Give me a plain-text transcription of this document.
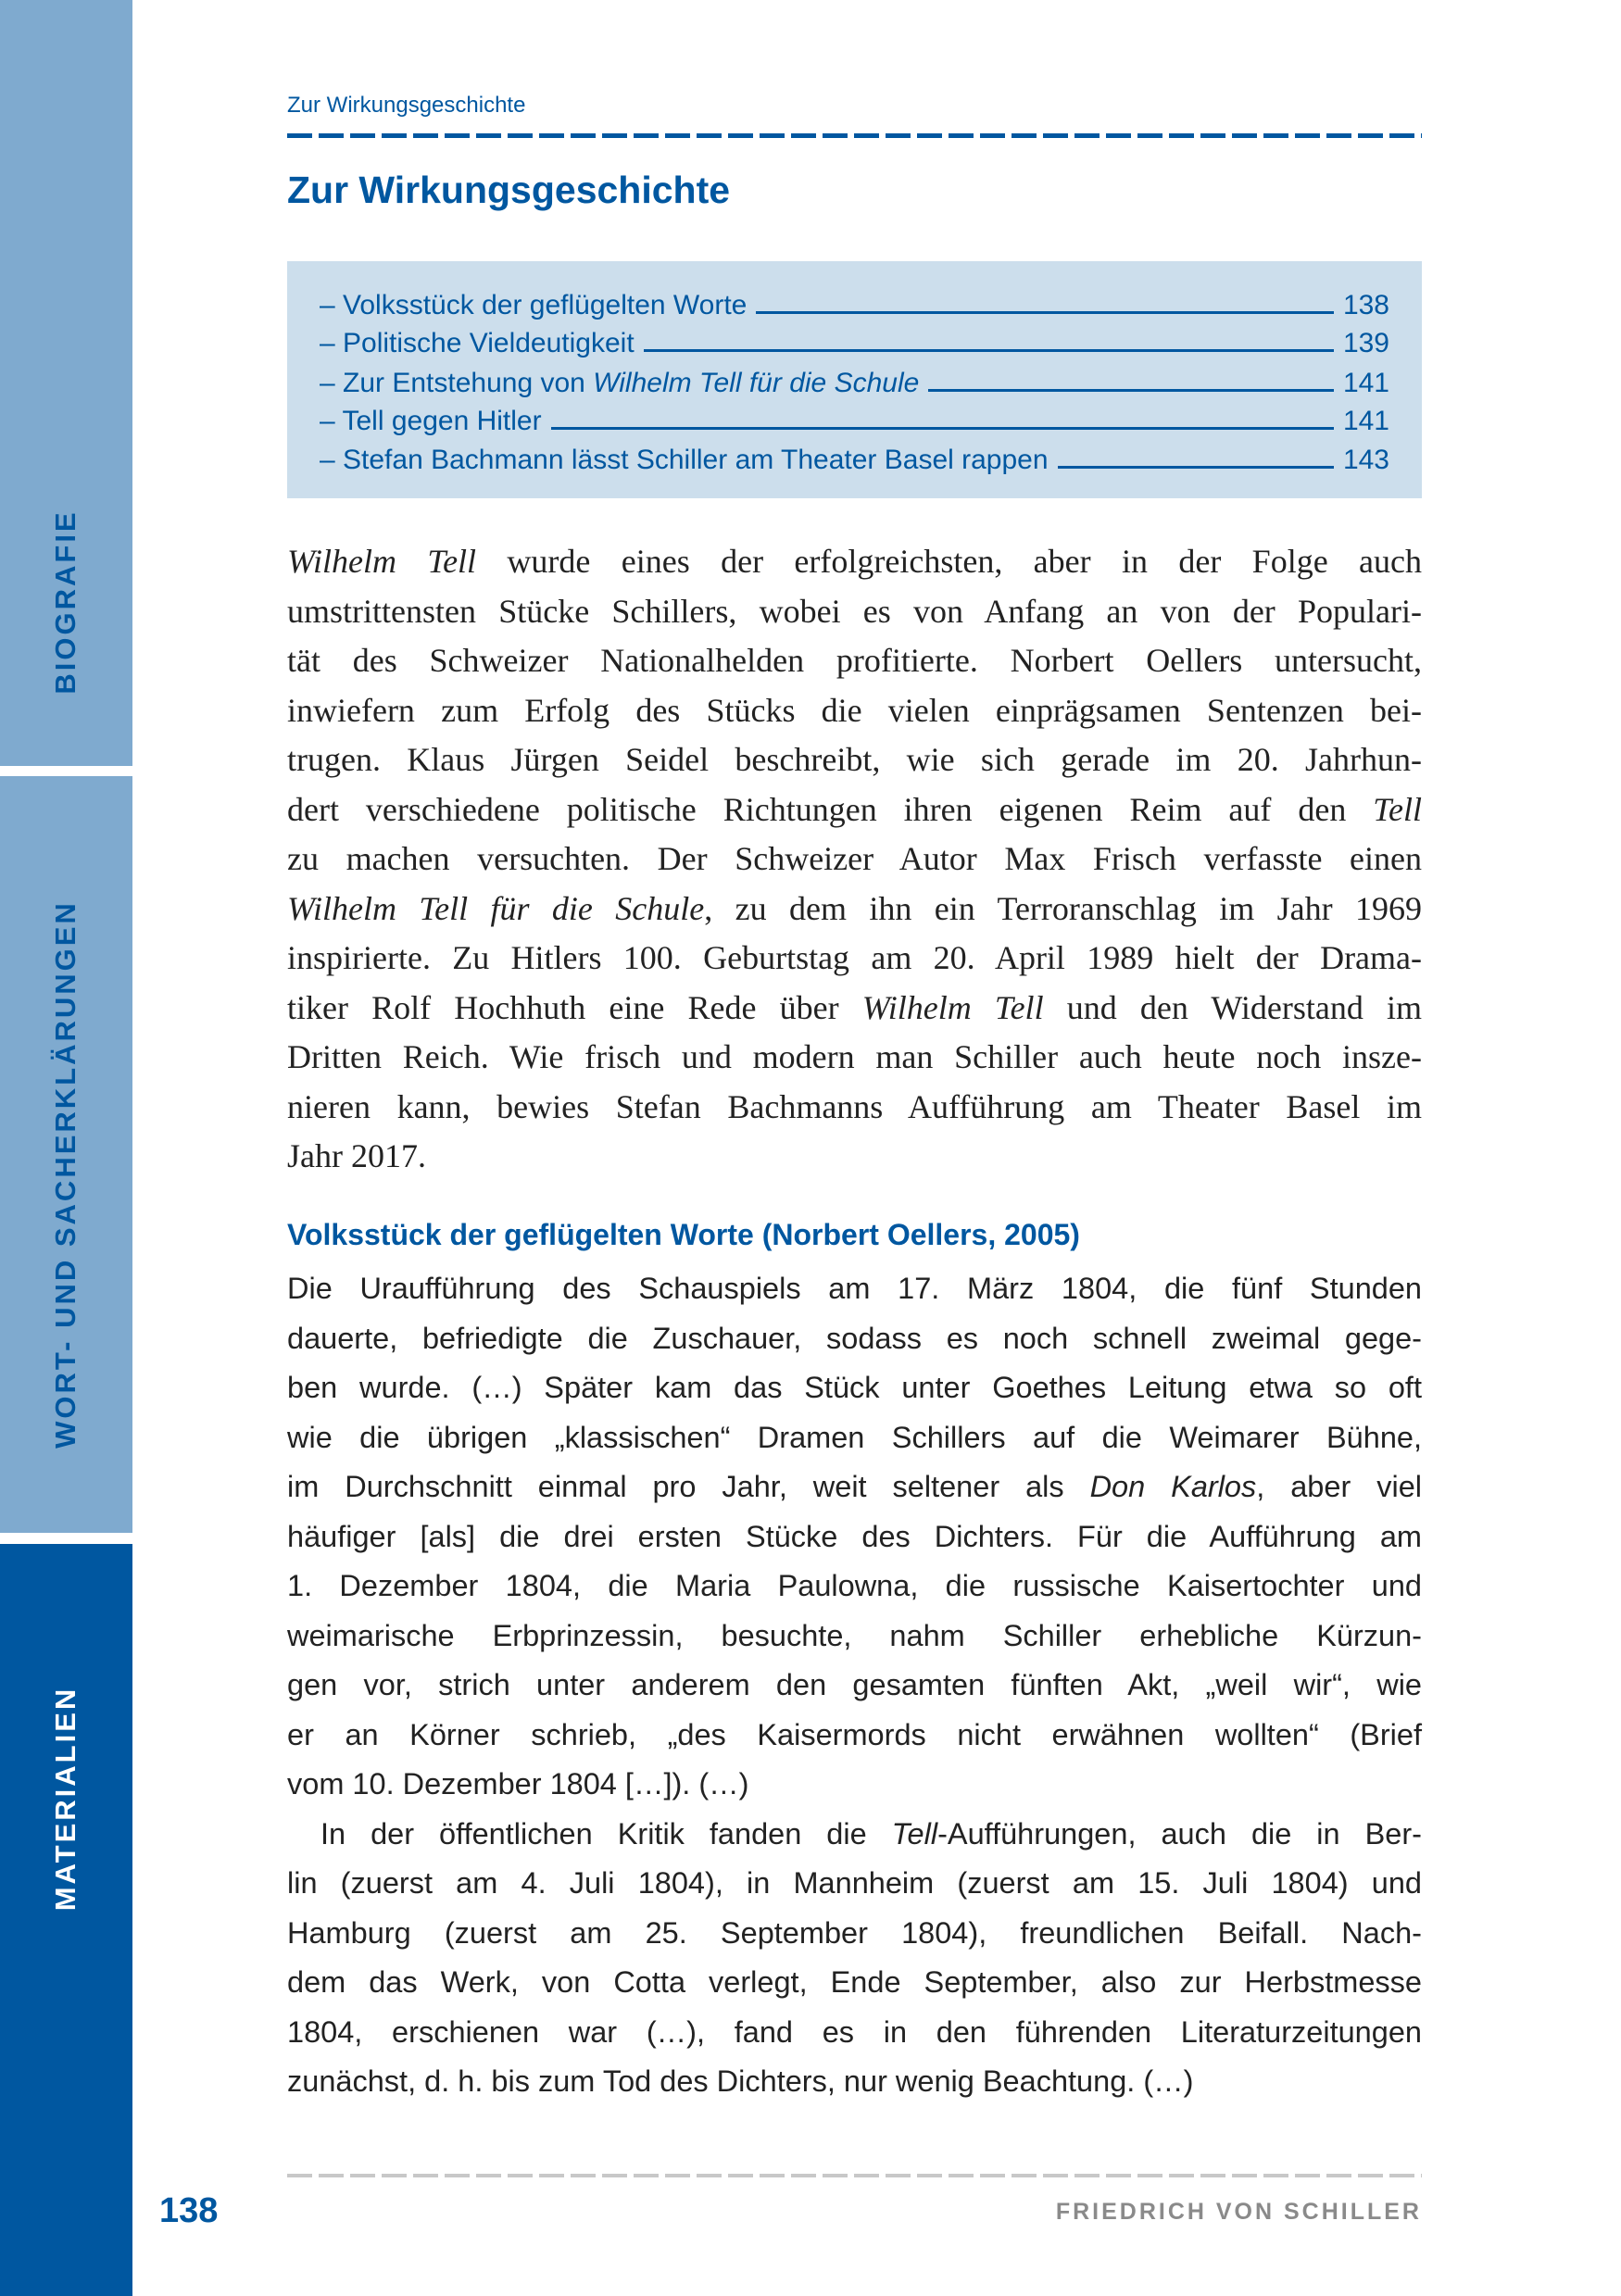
BIOGRAFIE
WORT- UND SACHERKLÄRUNGEN
MATERIALIEN
Zur Wirkungsgeschichte
Zur Wirkungsgeschichte
– Volksstück der geflügelten Worte	138
– Politische Vieldeutigkeit	139
– Zur Entstehung von Wilhelm Tell für die Schule	141
– Tell gegen Hitler	141
– Stefan Bachmann lässt Schiller am Theater Basel rappen	143
Wilhelm Tell wurde eines der erfolgreichsten, aber in der Folge auch
umstrittensten Stücke Schillers, wobei es von Anfang an von der Populari-
tät des Schweizer Nationalhelden profitierte. Norbert Oellers untersucht,
inwiefern zum Erfolg des Stücks die vielen einprägsamen Sentenzen bei-
trugen. Klaus Jürgen Seidel beschreibt, wie sich gerade im 20. Jahrhun-
dert verschiedene politische Richtungen ihren eigenen Reim auf den Tell
zu machen versuchten. Der Schweizer Autor Max Frisch verfasste einen
Wilhelm Tell für die Schule, zu dem ihn ein Terroranschlag im Jahr 1969
inspirierte. Zu Hitlers 100. Geburtstag am 20. April 1989 hielt der Drama-
tiker Rolf Hochhuth eine Rede über Wilhelm Tell und den Widerstand im
Dritten Reich. Wie frisch und modern man Schiller auch heute noch insze-
nieren kann, bewies Stefan Bachmanns Aufführung am Theater Basel im
Jahr 2017.
Volksstück der geflügelten Worte (Norbert Oellers, 2005)
Die Uraufführung des Schauspiels am 17. März 1804, die fünf Stunden
dauerte, befriedigte die Zuschauer, sodass es noch schnell zweimal gege-
ben wurde. (…) Später kam das Stück unter Goethes Leitung etwa so oft
wie die übrigen „klassischen“ Dramen Schillers auf die Weimarer Bühne,
im Durchschnitt einmal pro Jahr, weit seltener als Don Karlos, aber viel
häufiger [als] die drei ersten Stücke des Dichters. Für die Aufführung am
1. Dezember 1804, die Maria Paulowna, die russische Kaisertochter und
weimarische Erbprinzessin, besuchte, nahm Schiller erhebliche Kürzun-
gen vor, strich unter anderem den gesamten fünften Akt, „weil wir“, wie
er an Körner schrieb, „des Kaisermords nicht erwähnen wollten“ (Brief
vom 10. Dezember 1804 […]). (…)
In der öffentlichen Kritik fanden die Tell-Aufführungen, auch die in Ber-
lin (zuerst am 4. Juli 1804), in Mannheim (zuerst am 15. Juli 1804) und
Hamburg (zuerst am 25. September 1804), freundlichen Beifall. Nach-
dem das Werk, von Cotta verlegt, Ende September, also zur Herbstmesse
1804, erschienen war (…), fand es in den führenden Literaturzeitungen
zunächst, d. h. bis zum Tod des Dichters, nur wenig Beachtung. (…)
138	FRIEDRICH VON SCHILLER
